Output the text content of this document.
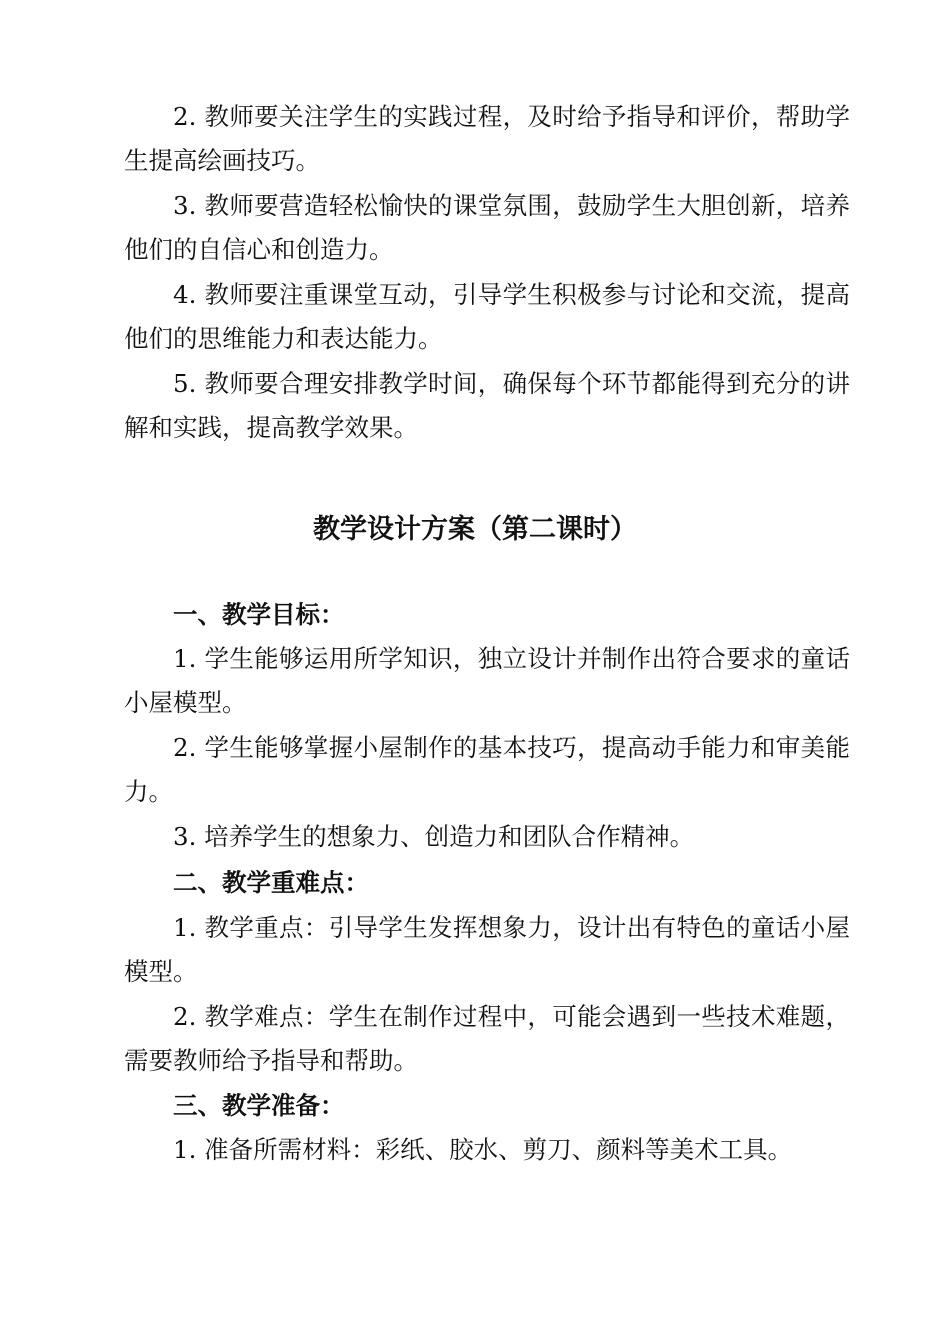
2. 教师要关注学生的实践过程，及时给予指导和评价，帮助学生提高绘画技巧。

3. 教师要营造轻松愉快的课堂氛围，鼓励学生大胆创新，培养他们的自信心和创造力。

4. 教师要注重课堂互动，引导学生积极参与讨论和交流，提高他们的思维能力和表达能力。

5. 教师要合理安排教学时间，确保每个环节都能得到充分的讲解和实践，提高教学效果。

教学设计方案（第二课时）
一、教学目标：

1. 学生能够运用所学知识，独立设计并制作出符合要求的童话小屋模型。

2. 学生能够掌握小屋制作的基本技巧，提高动手能力和审美能力。

3. 培养学生的想象力、创造力和团队合作精神。

二、教学重难点：

1. 教学重点：引导学生发挥想象力，设计出有特色的童话小屋模型。

2. 教学难点：学生在制作过程中，可能会遇到一些技术难题，需要教师给予指导和帮助。

三、教学准备：

1. 准备所需材料：彩纸、胶水、剪刀、颜料等美术工具。
